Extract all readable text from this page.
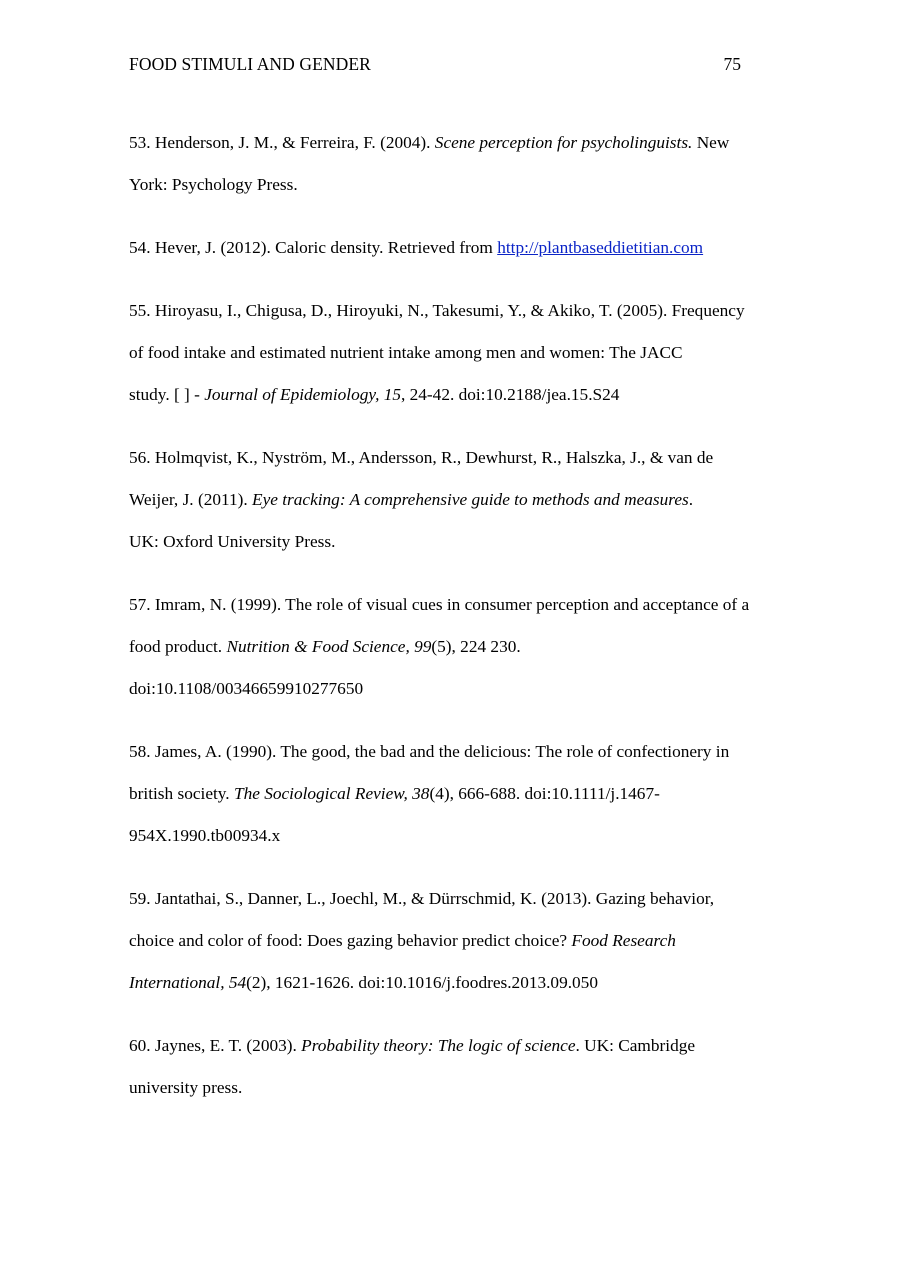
FOOD STIMULI AND GENDER	75
53. Henderson, J. M., & Ferreira, F. (2004). Scene perception for psycholinguists. New
York: Psychology Press.
54. Hever, J. (2012). Caloric density. Retrieved from http://plantbaseddietitian.com
55. Hiroyasu, I., Chigusa, D., Hiroyuki, N., Takesumi, Y., & Akiko, T. (2005). Frequency
of food intake and estimated nutrient intake among men and women: The JACC
study. [ ] - Journal of Epidemiology, 15, 24-42. doi:10.2188/jea.15.S24
56. Holmqvist, K., Nyström, M., Andersson, R., Dewhurst, R., Halszka, J., & van de
Weijer, J. (2011). Eye tracking: A comprehensive guide to methods and measures.
UK: Oxford University Press.
57. Imram, N. (1999). The role of visual cues in consumer perception and acceptance of a
food product. Nutrition & Food Science, 99(5), 224 230.
doi:10.1108/00346659910277650
58. James, A. (1990). The good, the bad and the delicious: The role of confectionery in
british society. The Sociological Review, 38(4), 666-688. doi:10.1111/j.1467-
954X.1990.tb00934.x
59. Jantathai, S., Danner, L., Joechl, M., & Dürrschmid, K. (2013). Gazing behavior,
choice and color of food: Does gazing behavior predict choice? Food Research
International, 54(2), 1621-1626. doi:10.1016/j.foodres.2013.09.050
60. Jaynes, E. T. (2003). Probability theory: The logic of science. UK: Cambridge
university press.
